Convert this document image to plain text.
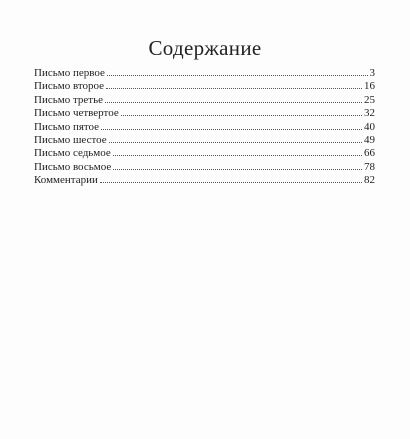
Содержание
Письмо первое	3
Письмо второе	16
Письмо третье	25
Письмо четвертое	32
Письмо пятое	40
Письмо шестое	49
Письмо седьмое	66
Письмо восьмое	78
Комментарии	82
